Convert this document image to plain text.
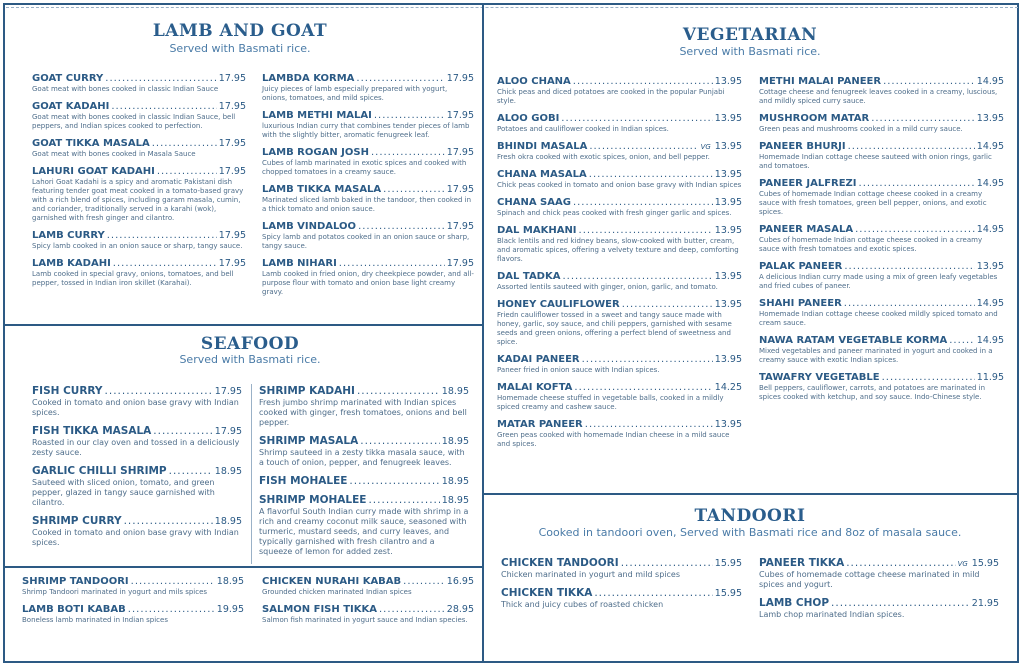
LAMB AND GOAT
Served with Basmati rice.
GOAT CURRY .....	17.95
Goat meat with bones cooked in classic Indian Sauce
GOAT KADAHI .....	17.95
Goat meat with bones cooked in classic Indian Sauce, bell peppers, and Indian spices cooked to perfection.
GOAT TIKKA MASALA .....	17.95
Goat meat with bones cooked in Masala Sauce
LAHURI GOAT KADAHI .....	17.95
Lahori Goat Kadahi is a spicy and aromatic Pakistani dish featuring tender goat meat cooked in a tomato-based gravy with a rich blend of spices, including garam masala, cumin, and coriander, traditionally served in a karahi (wok), garnished with fresh ginger and cilantro.
LAMB CURRY .....	17.95
Spicy lamb cooked in an onion sauce or sharp, tangy sauce.
LAMB KADAHI .....	17.95
Lamb cooked in special gravy, onions, tomatoes, and bell pepper, tossed in Indian iron skillet (Karahai).
LAMBDA KORMA .....	17.95
Juicy pieces of lamb especially prepared with yogurt, onions, tomatoes, and mild spices.
LAMB METHI MALAI .....	17.95
luxurious Indian curry that combines tender pieces of lamb with the slightly bitter, aromatic fenugreek leaf.
LAMB ROGAN JOSH .....	17.95
Cubes of lamb marinated in exotic spices and cooked with chopped tomatoes in a creamy sauce.
LAMB TIKKA MASALA .....	17.95
Marinated sliced lamb baked in the tandoor, then cooked in a thick tomato and onion sauce.
LAMB VINDALOO .....	17.95
Spicy lamb and potatos cooked in an onion sauce or sharp, tangy sauce.
LAMB NIHARI .....	17.95
Lamb cooked in fried onion, dry cheekpiece powder, and all-purpose flour with tomato and onion base light creamy gravy.
SEAFOOD
Served with Basmati rice.
FISH CURRY .....	17.95
Cooked in tomato and onion base gravy with Indian spices.
FISH TIKKA MASALA .....	17.95
Roasted in our clay oven and tossed in a deliciously zesty sauce.
GARLIC CHILLI SHRIMP .....	18.95
Sauteed with sliced onion, tomato, and green pepper, glazed in tangy sauce garnished with cilantro.
SHRIMP CURRY .....	18.95
Cooked in tomato and onion base gravy with Indian spices.
SHRIMP KADAHI .....	18.95
Fresh jumbo shrimp marinated with Indian spices cooked with ginger, fresh tomatoes, onions and bell pepper.
SHRIMP MASALA .....	18.95
Shrimp sauteed in a zesty tikka masala sauce, with a touch of onion, pepper, and fenugreek leaves.
FISH MOHALEE .....	18.95
SHRIMP MOHALEE .....	18.95
A flavorful South Indian curry made with shrimp in a rich and creamy coconut milk sauce, seasoned with turmeric, mustard seeds, and curry leaves, and typically garnished with fresh cilantro and a squeeze of lemon for added zest.
SHRIMP TANDOORI .....	18.95
Shrimp Tandoori marinated in yogurt and mils spices
LAMB BOTI KABAB .....	19.95
Boneless lamb marinated in Indian spices
CHICKEN NURAHI KABAB .....	16.95
Grounded chicken marinated Indian spices
SALMON FISH TIKKA .....	28.95
Salmon fish marinated in yogurt sauce and Indian species.
VEGETARIAN
Served with Basmati rice.
ALOO CHANA .....	13.95
Chick peas and diced potatoes are cooked in the popular Punjabi style.
ALOO GOBI .....	13.95
Potatoes and cauliflower cooked in Indian spices.
BHINDI MASALA .....	VG 13.95
Fresh okra cooked with exotic spices, onion, and bell pepper.
CHANA MASALA .....	13.95
Chick peas cooked in tomato and onion base gravy with Indian spices
CHANA SAAG .....	13.95
Spinach and chick peas cooked with fresh ginger garlic and spices.
DAL MAKHANI .....	13.95
Black lentils and red kidney beans, slow-cooked with butter, cream, and aromatic spices, offering a velvety texture and deep, comforting flavors.
DAL TADKA .....	13.95
Assorted lentils sauteed with ginger, onion, garlic, and tomato.
HONEY CAULIFLOWER .....	13.95
Friedn cauliflower tossed in a sweet and tangy sauce made with honey, garlic, soy sauce, and chili peppers, garnished with sesame seeds and green onions, offering a perfect blend of sweetness and spice.
KADAI PANEER .....	13.95
Paneer fried in onion sauce with Indian spices.
MALAI KOFTA .....	14.25
Homemade cheese stuffed in vegetable balls, cooked in a mildly spiced creamy and cashew sauce.
MATAR PANEER .....	13.95
Green peas cooked with homemade Indian cheese in a mild sauce and spices.
METHI MALAI PANEER .....	14.95
Cottage cheese and fenugreek leaves cooked in a creamy, luscious, and mildly spiced curry sauce.
MUSHROOM MATAR .....	13.95
Green peas and mushrooms cooked in a mild curry sauce.
PANEER BHURJI .....	14.95
Homemade Indian cottage cheese sauteed with onion rings, garlic and tomatoes.
PANEER JALFREZI .....	14.95
Cubes of homemade Indian cottage cheese cooked in a creamy sauce with fresh tomatoes, green bell pepper, onions, and exotic spices.
PANEER MASALA .....	14.95
Cubes of homemade Indian cottage cheese cooked in a creamy sauce with fresh tomatoes and exotic spices.
PALAK PANEER .....	13.95
A delicious Indian curry made using a mix of green leafy vegetables and fried cubes of paneer.
SHAHI PANEER .....	14.95
Homemade Indian cottage cheese cooked mildly spiced tomato and cream sauce.
NAWA RATAM VEGETABLE KORMA .....	14.95
Mixed vegetables and paneer marinated in yogurt and cooked in a creamy sauce with exotic Indian spices.
TAWAFRY VEGETABLE .....	11.95
Bell peppers, cauliflower, carrots, and potatoes are marinated in spices cooked with ketchup, and soy sauce. Indo-Chinese style.
TANDOORI
Cooked in tandoori oven, Served with Basmati rice and 8oz of masala sauce.
CHICKEN TANDOORI .....	15.95
Chicken marinated in yogurt and mild spices
CHICKEN TIKKA .....	15.95
Thick and juicy cubes of roasted chicken
PANEER TIKKA .....	VG 15.95
Cubes of homemade cottage cheese marinated in mild spices and yogurt.
LAMB CHOP .....	21.95
Lamb chop marinated Indian spices.
